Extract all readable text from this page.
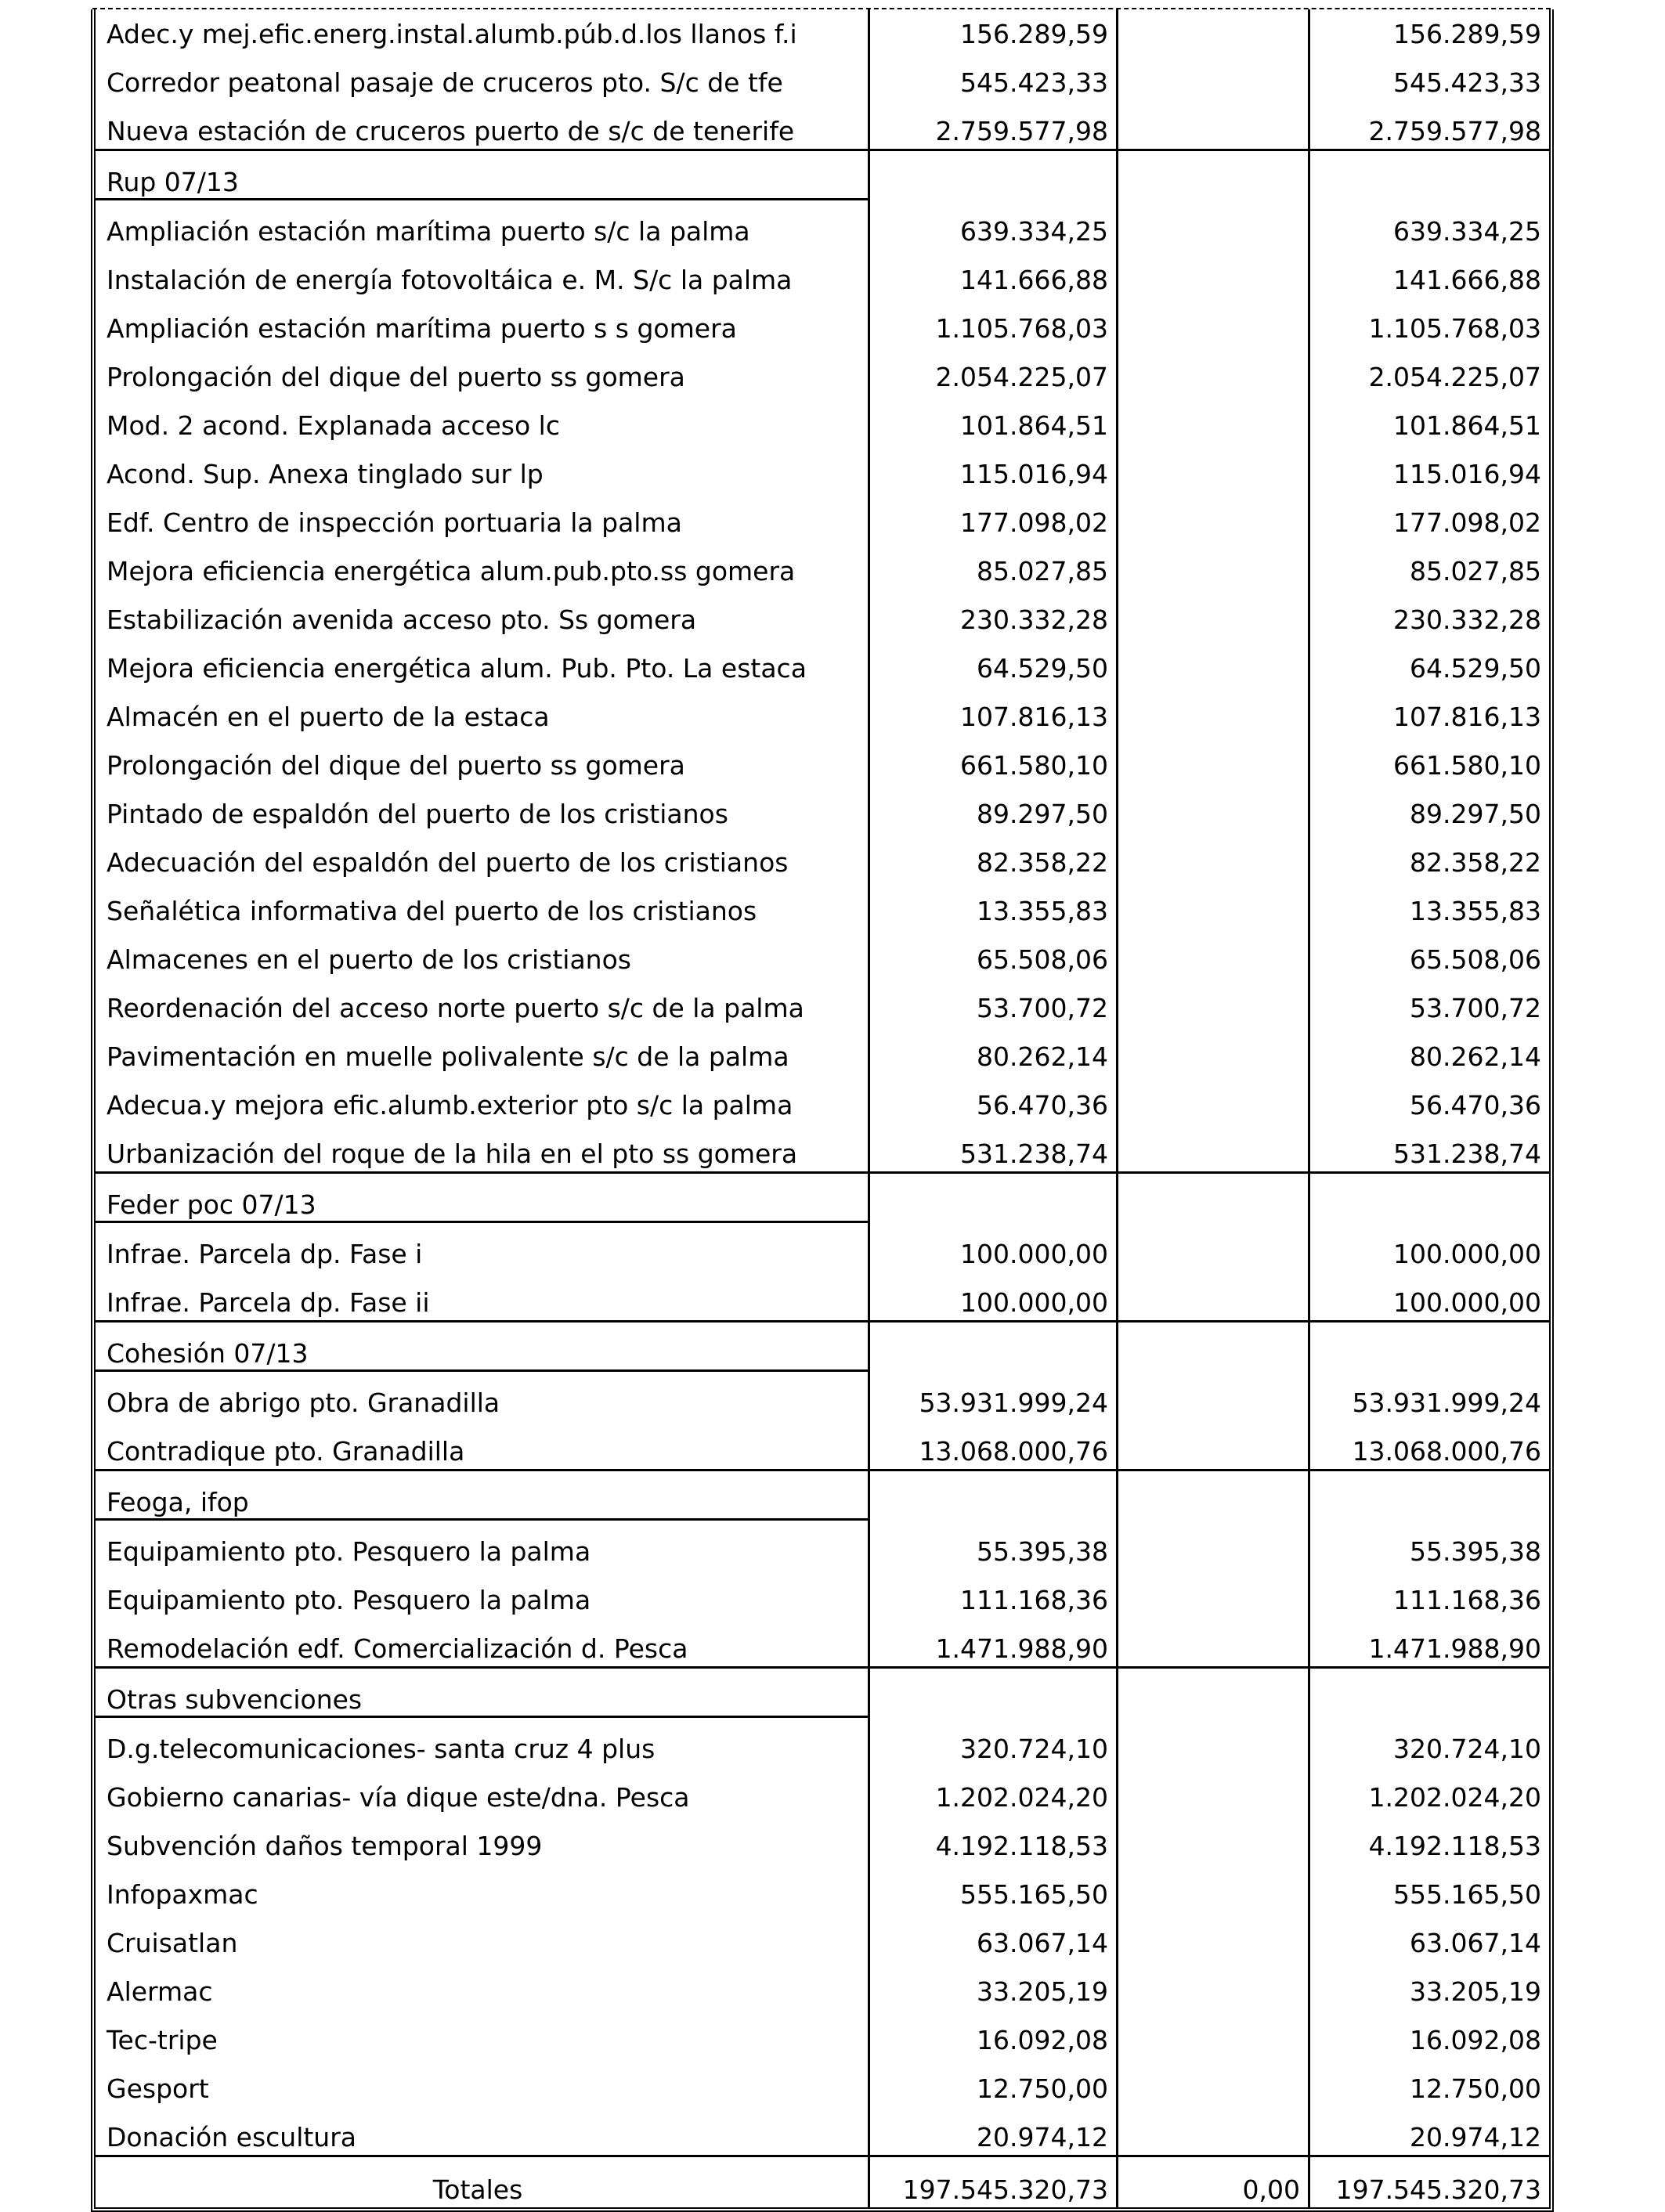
Adec.y mej.efic.energ.instal.alumb.púb.d.los llanos f.i	156.289,59		156.289,59
Corredor peatonal pasaje de cruceros pto. S/c de tfe	545.423,33		545.423,33
Nueva estación de cruceros puerto de s/c de tenerife	2.759.577,98		2.759.577,98
Rup 07/13			
Ampliación estación marítima puerto s/c la palma	639.334,25		639.334,25
Instalación de energía fotovoltáica e. M. S/c la palma	141.666,88		141.666,88
Ampliación estación marítima puerto s s gomera	1.105.768,03		1.105.768,03
Prolongación del dique del puerto ss gomera	2.054.225,07		2.054.225,07
Mod. 2 acond. Explanada acceso lc	101.864,51		101.864,51
Acond. Sup. Anexa tinglado sur lp	115.016,94		115.016,94
Edf. Centro de inspección portuaria la palma	177.098,02		177.098,02
Mejora eficiencia energética alum.pub.pto.ss gomera	85.027,85		85.027,85
Estabilización avenida acceso pto. Ss gomera	230.332,28		230.332,28
Mejora eficiencia energética alum. Pub. Pto. La estaca	64.529,50		64.529,50
Almacén en el puerto de la estaca	107.816,13		107.816,13
Prolongación del dique del puerto ss gomera	661.580,10		661.580,10
Pintado de espaldón del puerto de los cristianos	89.297,50		89.297,50
Adecuación del espaldón del puerto de los cristianos	82.358,22		82.358,22
Señalética informativa del puerto de los cristianos	13.355,83		13.355,83
Almacenes en el puerto de los cristianos	65.508,06		65.508,06
Reordenación del acceso norte puerto s/c de la palma	53.700,72		53.700,72
Pavimentación en muelle polivalente s/c de la palma	80.262,14		80.262,14
Adecua.y mejora efic.alumb.exterior pto s/c la palma	56.470,36		56.470,36
Urbanización del roque de la hila en el pto ss gomera	531.238,74		531.238,74
Feder poc 07/13			
Infrae. Parcela dp. Fase i	100.000,00		100.000,00
Infrae. Parcela dp. Fase ii	100.000,00		100.000,00
Cohesión 07/13			
Obra de abrigo pto. Granadilla	53.931.999,24		53.931.999,24
Contradique pto. Granadilla	13.068.000,76		13.068.000,76
Feoga, ifop			
Equipamiento pto. Pesquero la palma	55.395,38		55.395,38
Equipamiento pto. Pesquero la palma	111.168,36		111.168,36
Remodelación edf. Comercialización d. Pesca	1.471.988,90		1.471.988,90
Otras subvenciones			
D.g.telecomunicaciones- santa cruz 4 plus	320.724,10		320.724,10
Gobierno canarias- vía dique este/dna. Pesca	1.202.024,20		1.202.024,20
Subvención daños temporal 1999	4.192.118,53		4.192.118,53
Infopaxmac	555.165,50		555.165,50
Cruisatlan	63.067,14		63.067,14
Alermac	33.205,19		33.205,19
Tec-tripe	16.092,08		16.092,08
Gesport	12.750,00		12.750,00
Donación escultura	20.974,12		20.974,12
Totales	197.545.320,73	0,00	197.545.320,73
